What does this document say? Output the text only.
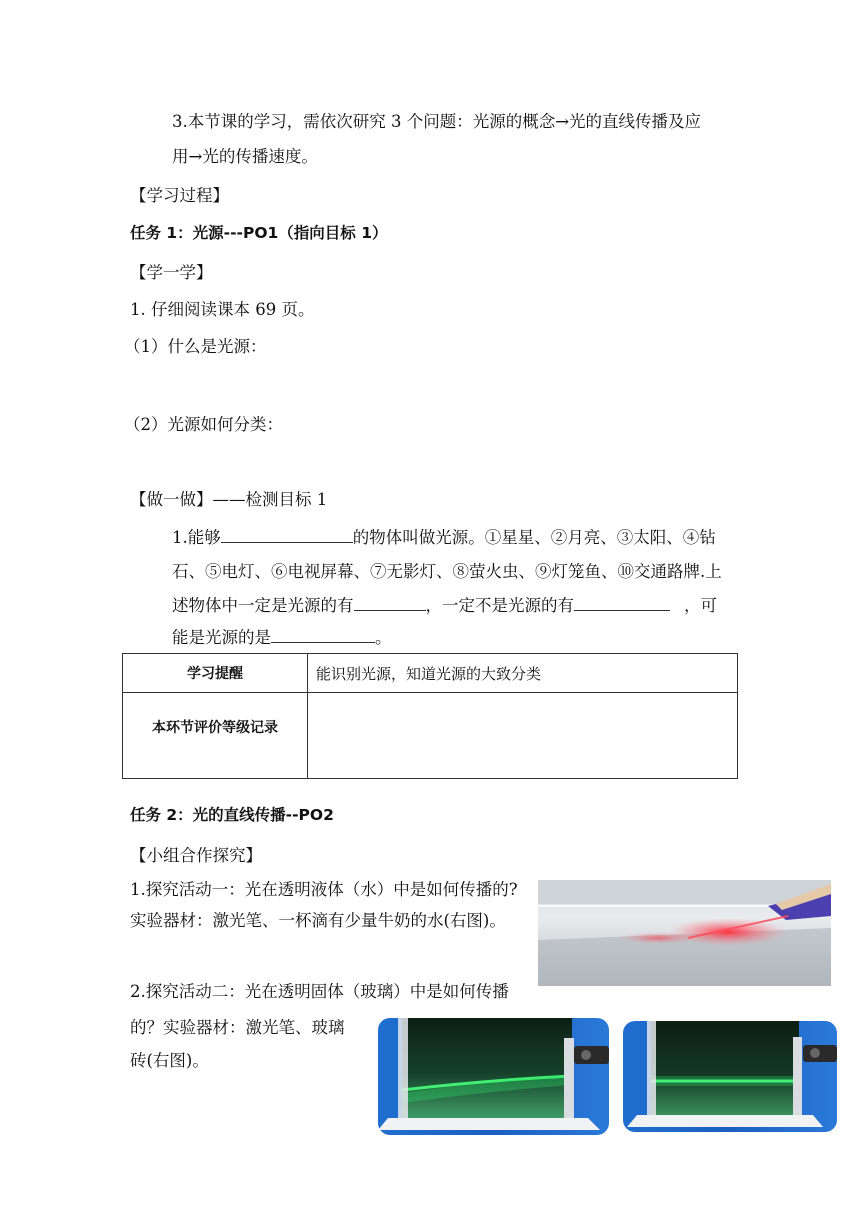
3.本节课的学习，需依次研究 3 个问题：光源的概念→光的直线传播及应
用→光的传播速度。
【学习过程】
任务 1：光源---PO1（指向目标 1）
【学一学】
1. 仔细阅读课本 69 页。
（1）什么是光源：
（2）光源如何分类：
【做一做】——检测目标 1
1.能够	的物体叫做光源。①星星、②月亮、③太阳、④钻
石、⑤电灯、⑥电视屏幕、⑦无影灯、⑧萤火虫、⑨灯笼鱼、⑩交通路牌.上
述物体中一定是光源的有	，一定不是光源的有	，可
能是光源的是	。
学习提醒	能识别光源，知道光源的大致分类
本环节评价等级记录	
任务 2：光的直线传播--PO2
【小组合作探究】
1.探究活动一：光在透明液体（水）中是如何传播的?
实验器材：激光笔、一杯滴有少量牛奶的水(右图)。
2.探究活动二：光在透明固体（玻璃）中是如何传播
的？实验器材：激光笔、玻璃
砖(右图)。
